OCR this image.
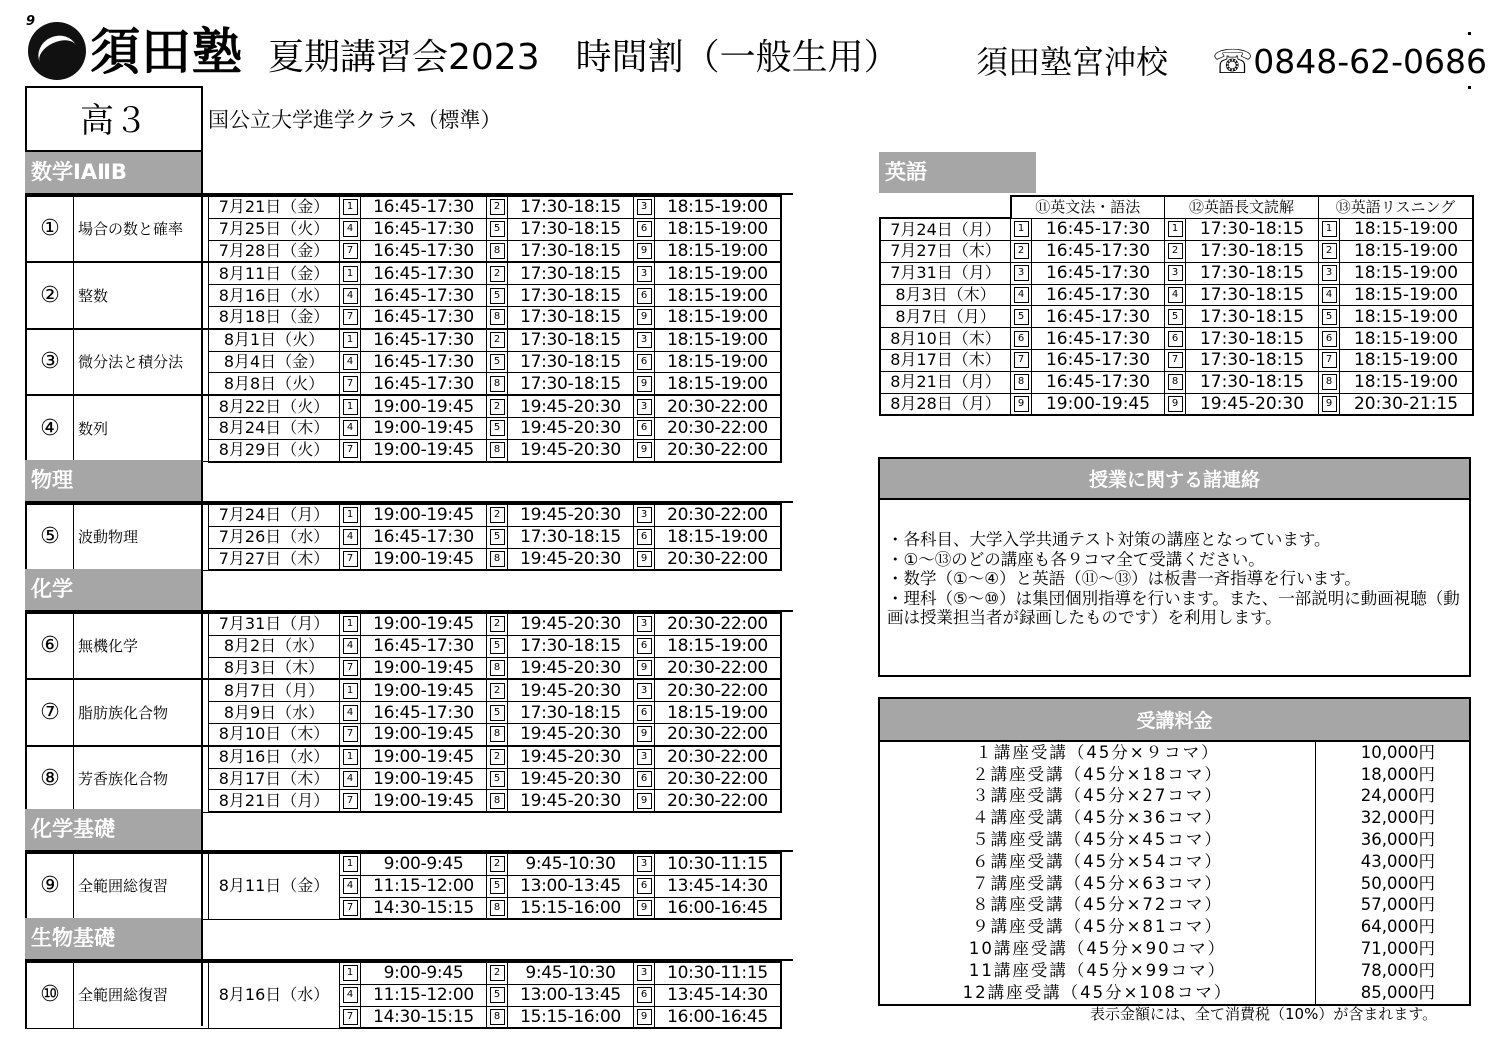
9
須田塾 夏期講習会2023　時間割（一般生用） 須田塾宮沖校 ☏0848-62-0686
高３	国公立大学進学クラス（標準）
数学ⅠAⅡB
①	場合の数と確率	7月21日（金）	1	16:45-17:30	2	17:30-18:15	3	18:15-19:00
		7月25日（火）	4	16:45-17:30	5	17:30-18:15	6	18:15-19:00
		7月28日（金）	7	16:45-17:30	8	17:30-18:15	9	18:15-19:00
②	整数	8月11日（金）	1	16:45-17:30	2	17:30-18:15	3	18:15-19:00
		8月16日（水）	4	16:45-17:30	5	17:30-18:15	6	18:15-19:00
		8月18日（金）	7	16:45-17:30	8	17:30-18:15	9	18:15-19:00
③	微分法と積分法	8月1日（火）	1	16:45-17:30	2	17:30-18:15	3	18:15-19:00
		8月4日（金）	4	16:45-17:30	5	17:30-18:15	6	18:15-19:00
		8月8日（火）	7	16:45-17:30	8	17:30-18:15	9	18:15-19:00
④	数列	8月22日（火）	1	19:00-19:45	2	19:45-20:30	3	20:30-22:00
		8月24日（木）	4	19:00-19:45	5	19:45-20:30	6	20:30-22:00
		8月29日（火）	7	19:00-19:45	8	19:45-20:30	9	20:30-22:00
物理
⑤	波動物理	7月24日（月）	1	19:00-19:45	2	19:45-20:30	3	20:30-22:00
		7月26日（水）	4	16:45-17:30	5	17:30-18:15	6	18:15-19:00
		7月27日（木）	7	19:00-19:45	8	19:45-20:30	9	20:30-22:00
化学
⑥	無機化学	7月31日（月）	1	19:00-19:45	2	19:45-20:30	3	20:30-22:00
		8月2日（水）	4	16:45-17:30	5	17:30-18:15	6	18:15-19:00
		8月3日（木）	7	19:00-19:45	8	19:45-20:30	9	20:30-22:00
⑦	脂肪族化合物	8月7日（月）	1	19:00-19:45	2	19:45-20:30	3	20:30-22:00
		8月9日（水）	4	16:45-17:30	5	17:30-18:15	6	18:15-19:00
		8月10日（木）	7	19:00-19:45	8	19:45-20:30	9	20:30-22:00
⑧	芳香族化合物	8月16日（水）	1	19:00-19:45	2	19:45-20:30	3	20:30-22:00
		8月17日（木）	4	19:00-19:45	5	19:45-20:30	6	20:30-22:00
		8月21日（月）	7	19:00-19:45	8	19:45-20:30	9	20:30-22:00
化学基礎
⑨	全範囲総復習	8月11日（金）	1	9:00-9:45	2	9:45-10:30	3	10:30-11:15
			4	11:15-12:00	5	13:00-13:45	6	13:45-14:30
			7	14:30-15:15	8	15:15-16:00	9	16:00-16:45
生物基礎
⑩	全範囲総復習	8月16日（水）	1	9:00-9:45	2	9:45-10:30	3	10:30-11:15
			4	11:15-12:00	5	13:00-13:45	6	13:45-14:30
			7	14:30-15:15	8	15:15-16:00	9	16:00-16:45
英語
	⑪英文法・語法		⑫英語長文読解		⑬英語リスニング	
7月24日（月）	1	16:45-17:30	1	17:30-18:15	1	18:15-19:00
7月27日（木）	2	16:45-17:30	2	17:30-18:15	2	18:15-19:00
7月31日（月）	3	16:45-17:30	3	17:30-18:15	3	18:15-19:00
8月3日（木）	4	16:45-17:30	4	17:30-18:15	4	18:15-19:00
8月7日（月）	5	16:45-17:30	5	17:30-18:15	5	18:15-19:00
8月10日（木）	6	16:45-17:30	6	17:30-18:15	6	18:15-19:00
8月17日（木）	7	16:45-17:30	7	17:30-18:15	7	18:15-19:00
8月21日（月）	8	16:45-17:30	8	17:30-18:15	8	18:15-19:00
8月28日（月）	9	19:00-19:45	9	19:45-20:30	9	20:30-21:15
授業に関する諸連絡
・各科目、大学入学共通テスト対策の講座となっています。
・①～⑬のどの講座も各９コマ全て受講ください。
・数学（①～④）と英語（⑪～⑬）は板書一斉指導を行います。
・理科（⑤～⑩）は集団個別指導を行います。また、一部説明に動画視聴（動画は授業担当者が録画したものです）を利用します。
受講料金
１講座受講（45分×９コマ）	10,000円
２講座受講（45分×18コマ）	18,000円
３講座受講（45分×27コマ）	24,000円
４講座受講（45分×36コマ）	32,000円
５講座受講（45分×45コマ）	36,000円
６講座受講（45分×54コマ）	43,000円
７講座受講（45分×63コマ）	50,000円
８講座受講（45分×72コマ）	57,000円
９講座受講（45分×81コマ）	64,000円
10講座受講（45分×90コマ）	71,000円
11講座受講（45分×99コマ）	78,000円
12講座受講（45分×108コマ）	85,000円
表示金額には、全て消費税（10%）が含まれます。
